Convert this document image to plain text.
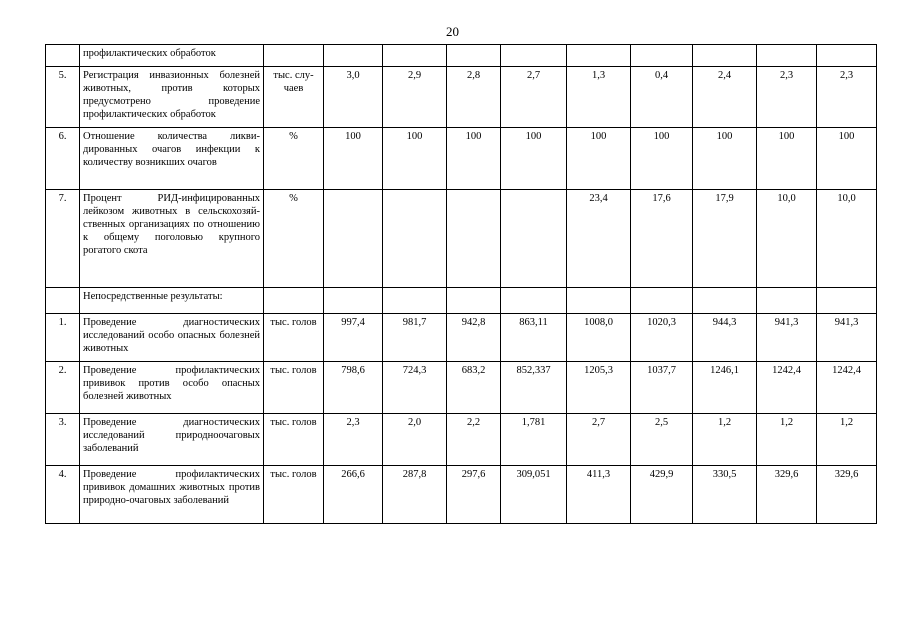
20
	профилактических обработок										
5.	Регистрация инвазионных болезней животных, против которых предусмотрено проведение профилактических обработок	тыс. случаев	3,0	2,9	2,8	2,7	1,3	0,4	2,4	2,3	2,3
6.	Отношение количества ликвидированных очагов инфекции к количеству возникших очагов	%	100	100	100	100	100	100	100	100	100
7.	Процент РИД-инфицированных лейкозом животных в сельскохозяйственных организациях по отношению к общему поголовью крупного рогатого скота	%					23,4	17,6	17,9	10,0	10,0
	Непосредственные результаты:										
1.	Проведение диагностических исследований особо опасных болезней животных	тыс. голов	997,4	981,7	942,8	863,11	1008,0	1020,3	944,3	941,3	941,3
2.	Проведение профилактических прививок против особо опасных болезней животных	тыс. голов	798,6	724,3	683,2	852,337	1205,3	1037,7	1246,1	1242,4	1242,4
3.	Проведение диагностических исследований природноочаговых заболеваний	тыс. голов	2,3	2,0	2,2	1,781	2,7	2,5	1,2	1,2	1,2
4.	Проведение профилактических прививок домашних животных против природно-очаговых заболеваний	тыс. голов	266,6	287,8	297,6	309,051	411,3	429,9	330,5	329,6	329,6
